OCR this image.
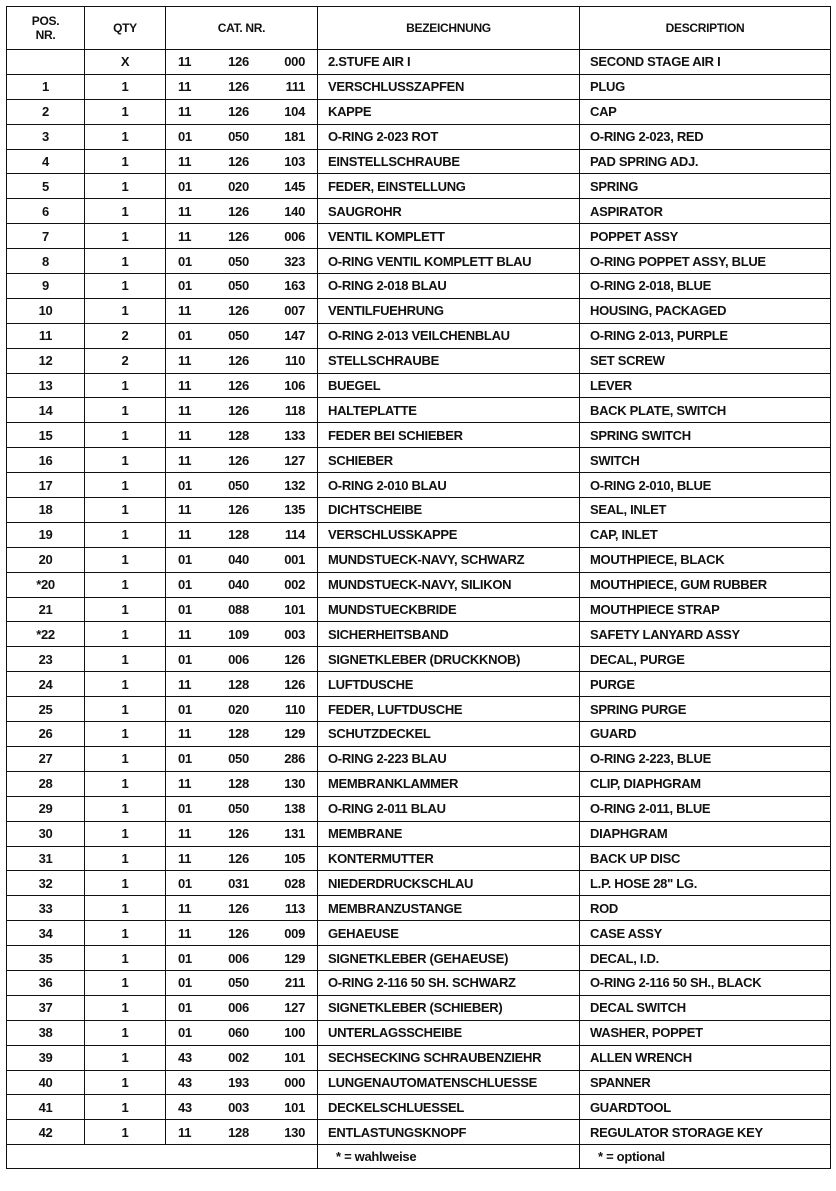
POS.
NR.	QTY	CAT. NR.	BEZEICHNUNG	DESCRIPTION
	X	11 126 000	2.STUFE AIR I	SECOND STAGE AIR I
1	1	11 126 111	VERSCHLUSSZAPFEN	PLUG
2	1	11 126 104	KAPPE	CAP
3	1	01 050 181	O-RING 2-023 ROT	O-RING 2-023, RED
4	1	11 126 103	EINSTELLSCHRAUBE	PAD SPRING ADJ.
5	1	01 020 145	FEDER, EINSTELLUNG	SPRING
6	1	11 126 140	SAUGROHR	ASPIRATOR
7	1	11 126 006	VENTIL KOMPLETT	POPPET ASSY
8	1	01 050 323	O-RING VENTIL KOMPLETT BLAU	O-RING POPPET ASSY, BLUE
9	1	01 050 163	O-RING 2-018 BLAU	O-RING 2-018, BLUE
10	1	11 126 007	VENTILFUEHRUNG	HOUSING, PACKAGED
11	2	01 050 147	O-RING 2-013 VEILCHENBLAU	O-RING 2-013, PURPLE
12	2	11 126 110	STELLSCHRAUBE	SET SCREW
13	1	11 126 106	BUEGEL	LEVER
14	1	11 126 118	HALTEPLATTE	BACK PLATE, SWITCH
15	1	11 128 133	FEDER BEI SCHIEBER	SPRING SWITCH
16	1	11 126 127	SCHIEBER	SWITCH
17	1	01 050 132	O-RING 2-010 BLAU	O-RING 2-010, BLUE
18	1	11 126 135	DICHTSCHEIBE	SEAL, INLET
19	1	11 128 114	VERSCHLUSSKAPPE	CAP, INLET
20	1	01 040 001	MUNDSTUECK-NAVY, SCHWARZ	MOUTHPIECE, BLACK
*20	1	01 040 002	MUNDSTUECK-NAVY, SILIKON	MOUTHPIECE, GUM RUBBER
21	1	01 088 101	MUNDSTUECKBRIDE	MOUTHPIECE STRAP
*22	1	11 109 003	SICHERHEITSBAND	SAFETY LANYARD ASSY
23	1	01 006 126	SIGNETKLEBER (DRUCKKNOB)	DECAL, PURGE
24	1	11 128 126	LUFTDUSCHE	PURGE
25	1	01 020 110	FEDER, LUFTDUSCHE	SPRING PURGE
26	1	11 128 129	SCHUTZDECKEL	GUARD
27	1	01 050 286	O-RING 2-223 BLAU	O-RING 2-223, BLUE
28	1	11 128 130	MEMBRANKLAMMER	CLIP, DIAPHGRAM
29	1	01 050 138	O-RING 2-011 BLAU	O-RING 2-011, BLUE
30	1	11 126 131	MEMBRANE	DIAPHGRAM
31	1	11 126 105	KONTERMUTTER	BACK UP DISC
32	1	01 031 028	NIEDERDRUCKSCHLAU	L.P. HOSE 28" LG.
33	1	11 126 113	MEMBRANZUSTANGE	ROD
34	1	11 126 009	GEHAEUSE	CASE ASSY
35	1	01 006 129	SIGNETKLEBER (GEHAEUSE)	DECAL, I.D.
36	1	01 050 211	O-RING 2-116 50 SH. SCHWARZ	O-RING 2-116 50 SH., BLACK
37	1	01 006 127	SIGNETKLEBER (SCHIEBER)	DECAL SWITCH
38	1	01 060 100	UNTERLAGSSCHEIBE	WASHER, POPPET
39	1	43 002 101	SECHSECKING SCHRAUBENZIEHR	ALLEN WRENCH
40	1	43 193 000	LUNGENAUTOMATENSCHLUESSE	SPANNER
41	1	43 003 101	DECKELSCHLUESSEL	GUARDTOOL
42	1	11 128 130	ENTLASTUNGSKNOPF	REGULATOR STORAGE KEY
			* = wahlweise	* = optional
